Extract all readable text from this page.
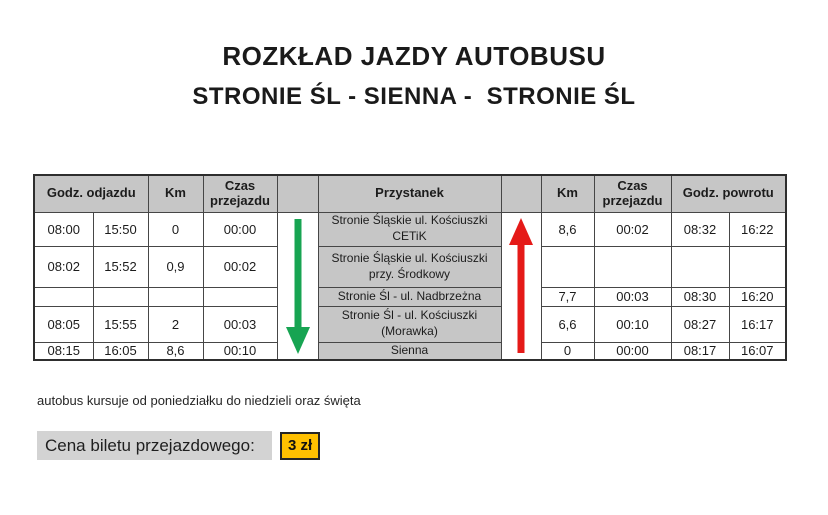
ROZKŁAD JAZDY AUTOBUSU
STRONIE ŚL - SIENNA -  STRONIE ŚL
Godz. odjazdu		Km	Czas przejazdu		Przystanek		Km	Czas przejazdu	Godz. powrotu	
08:00	15:50	0	00:00		Stronie Śląskie ul. Kościuszki CETiK		8,6	00:02	08:32	16:22
08:02	15:52	0,9	00:02		Stronie Śląskie ul. Kościuszki przy. Środkowy					
					Stronie Śl - ul. Nadbrzeżna		7,7	00:03	08:30	16:20
08:05	15:55	2	00:03		Stronie Śl - ul. Kościuszki (Morawka)		6,6	00:10	08:27	16:17
08:15	16:05	8,6	00:10		Sienna		0	00:00	08:17	16:07
autobus kursuje od poniedziałku do niedzieli oraz święta
Cena biletu przejazdowego:	3 zł
